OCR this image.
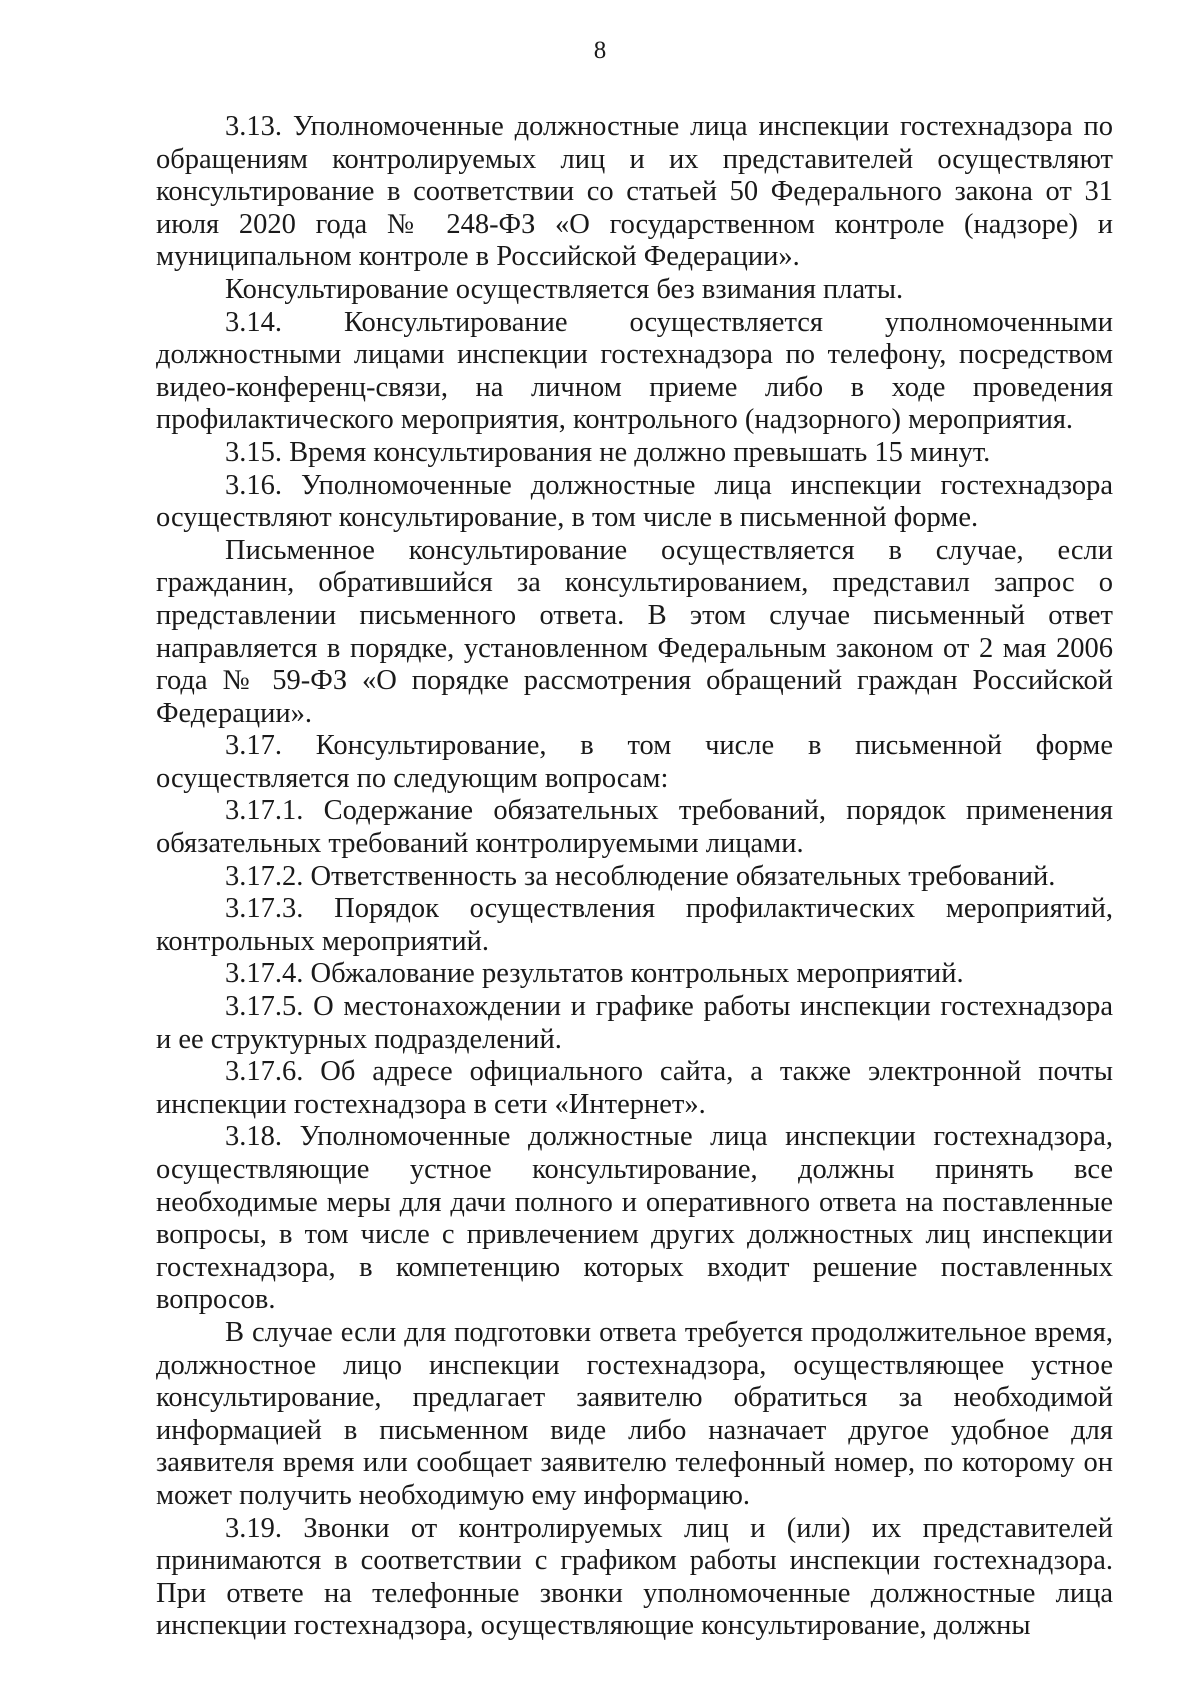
8

3.13. Уполномоченные должностные лица инспекции гостехнадзора по обращениям контролируемых лиц и их представителей осуществляют консультирование в соответствии со статьей 50 Федерального закона от 31 июля 2020 года № 248-ФЗ «О государственном контроле (надзоре) и муниципальном контроле в Российской Федерации».

Консультирование осуществляется без взимания платы.

3.14. Консультирование осуществляется уполномоченными должностными лицами инспекции гостехнадзора по телефону, посредством видео-конференц-связи, на личном приеме либо в ходе проведения профилактического мероприятия, контрольного (надзорного) мероприятия.

3.15. Время консультирования не должно превышать 15 минут.

3.16. Уполномоченные должностные лица инспекции гостехнадзора осуществляют консультирование, в том числе в письменной форме.

Письменное консультирование осуществляется в случае, если гражданин, обратившийся за консультированием, представил запрос о представлении письменного ответа. В этом случае письменный ответ направляется в порядке, установленном Федеральным законом от 2 мая 2006 года № 59-ФЗ «О порядке рассмотрения обращений граждан Российской Федерации».

3.17. Консультирование, в том числе в письменной форме осуществляется по следующим вопросам:

3.17.1. Содержание обязательных требований, порядок применения обязательных требований контролируемыми лицами.

3.17.2. Ответственность за несоблюдение обязательных требований.

3.17.3. Порядок осуществления профилактических мероприятий, контрольных мероприятий.

3.17.4. Обжалование результатов контрольных мероприятий.

3.17.5. О местонахождении и графике работы инспекции гостехнадзора и ее структурных подразделений.

3.17.6. Об адресе официального сайта, а также электронной почты инспекции гостехнадзора в сети «Интернет».

3.18. Уполномоченные должностные лица инспекции гостехнадзора, осуществляющие устное консультирование, должны принять все необходимые меры для дачи полного и оперативного ответа на поставленные вопросы, в том числе с привлечением других должностных лиц инспекции гостехнадзора, в компетенцию которых входит решение поставленных вопросов.

В случае если для подготовки ответа требуется продолжительное время, должностное лицо инспекции гостехнадзора, осуществляющее устное консультирование, предлагает заявителю обратиться за необходимой информацией в письменном виде либо назначает другое удобное для заявителя время или сообщает заявителю телефонный номер, по которому он может получить необходимую ему информацию.

3.19. Звонки от контролируемых лиц и (или) их представителей принимаются в соответствии с графиком работы инспекции гостехнадзора. При ответе на телефонные звонки уполномоченные должностные лица инспекции гостехнадзора, осуществляющие консультирование, должны
